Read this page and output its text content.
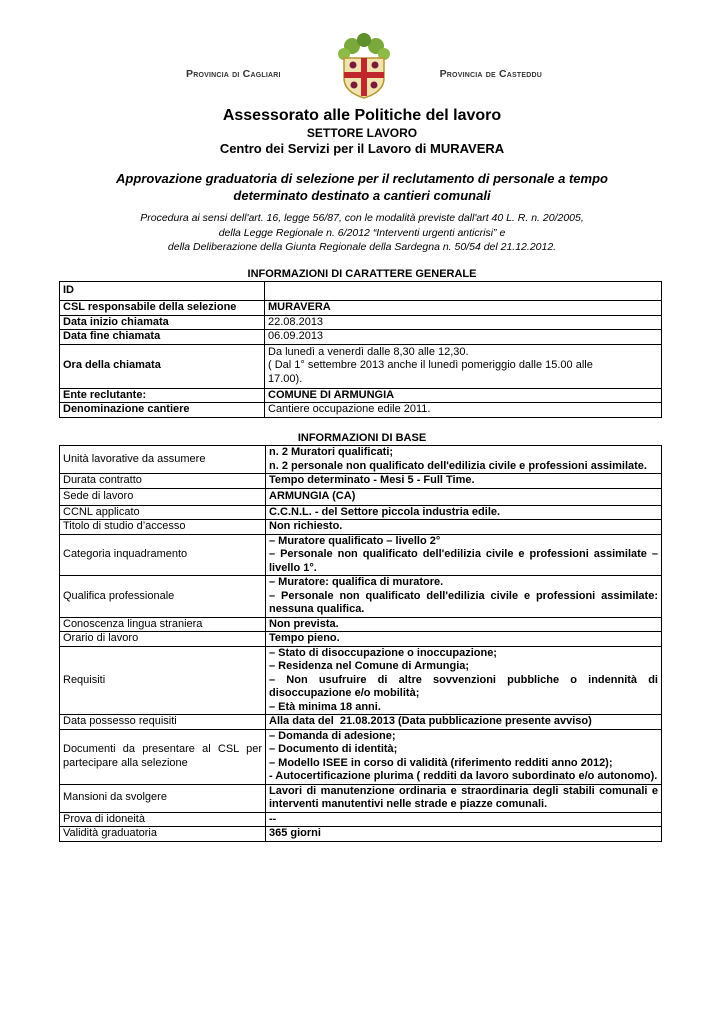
Provincia di Cagliari	Provincia de Casteddu
Assessorato alle Politiche del lavoro
SETTORE LAVORO
Centro dei Servizi per il Lavoro di MURAVERA
Approvazione graduatoria di selezione per il reclutamento di personale a tempo
determinato destinato a cantieri comunali
Procedura ai sensi dell'art. 16, legge 56/87, con le modalità previste dall'art 40 L. R. n. 20/2005,
della Legge Regionale n. 6/2012 “Interventi urgenti anticrisi” e
della Deliberazione della Giunta Regionale della Sardegna n. 50/54 del 21.12.2012.
INFORMAZIONI DI CARATTERE GENERALE
ID	
CSL responsabile della selezione	MURAVERA
Data inizio chiamata	22.08.2013
Data fine chiamata	06.09.2013
Ora della chiamata	Da lunedì a venerdì dalle 8,30 alle 12,30.
( Dal 1° settembre 2013 anche il lunedì pomeriggio dalle 15.00 alle
17.00).

Ente reclutante:	COMUNE DI ARMUNGIA
Denominazione cantiere	Cantiere occupazione edile 2011.
INFORMAZIONI DI BASE
Unità lavorative da assumere	n. 2 Muratori qualificati;
n. 2 personale non qualificato dell'edilizia civile e professioni assimilate.

Durata contratto	Tempo determinato - Mesi 5 - Full Time.
Sede di lavoro	ARMUNGIA (CA)
CCNL applicato	C.C.N.L. - del Settore piccola industria edile.
Titolo di studio d’accesso	Non richiesto.
Categoria inquadramento	– Muratore qualificato – livello 2°
– Personale non qualificato dell'edilizia civile e professioni assimilate – livello 1°.

Qualifica professionale	– Muratore: qualifica di muratore.
– Personale non qualificato dell'edilizia civile e professioni assimilate: nessuna qualifica.

Conoscenza lingua straniera	Non prevista.
Orario di lavoro	Tempo pieno.
Requisiti	– Stato di disoccupazione o inoccupazione;
– Residenza nel Comune di Armungia;
– Non usufruire di altre sovvenzioni pubbliche o indennità di disoccupazione e/o mobilità;
– Età minima 18 anni.

Data possesso requisiti	Alla data del  21.08.2013 (Data pubblicazione presente avviso)
Documenti da presentare al CSL per partecipare alla selezione	– Domanda di adesione;
– Documento di identità;
– Modello ISEE in corso di validità (riferimento redditi anno 2012);
- Autocertificazione plurima ( redditi da lavoro subordinato e/o autonomo).

Mansioni da svolgere	Lavori di manutenzione ordinaria e straordinaria degli stabili comunali e interventi manutentivi nelle strade e piazze comunali.
Prova di idoneità	--
Validità graduatoria	365 giorni
